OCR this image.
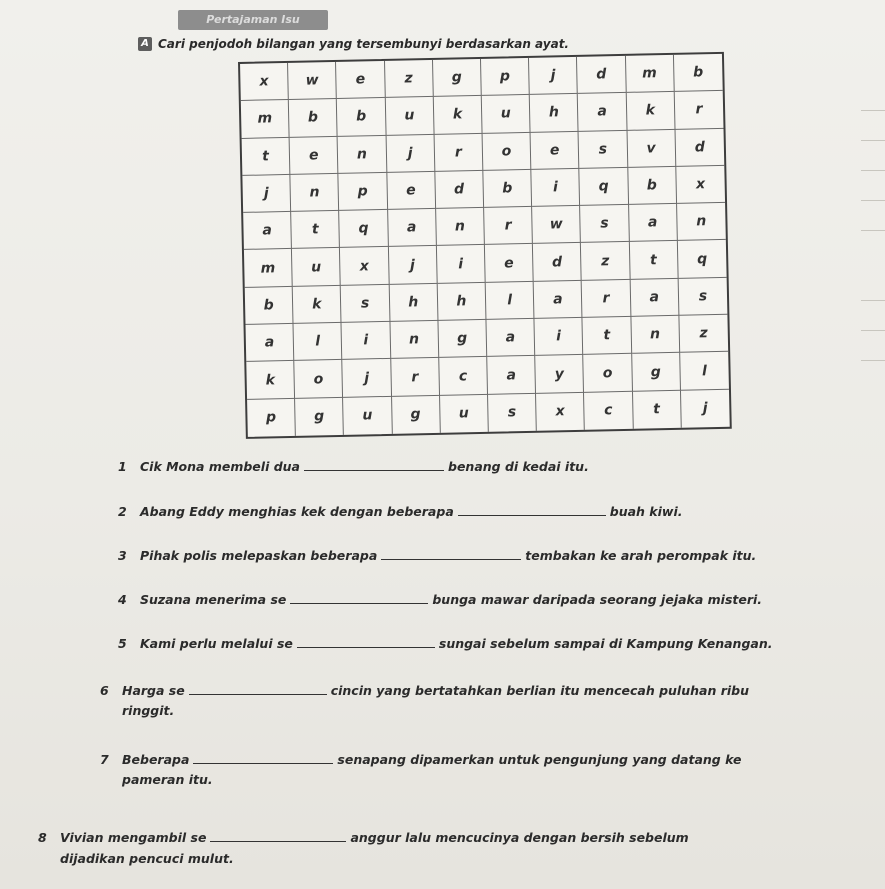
Pertajaman Isu
A Cari penjodoh bilangan yang tersembunyi berdasarkan ayat.
x	w	e	z	g	p	j	d	m	b
m	b	b	u	k	u	h	a	k	r
t	e	n	j	r	o	e	s	v	d
j	n	p	e	d	b	i	q	b	x
a	t	q	a	n	r	w	s	a	n
m	u	x	j	i	e	d	z	t	q
b	k	s	h	h	l	a	r	a	s
a	l	i	n	g	a	i	t	n	z
k	o	j	r	c	a	y	o	g	l
p	g	u	g	u	s	x	c	t	j
1 Cik Mona membeli dua	benang di kedai itu.
2 Abang Eddy menghias kek dengan beberapa	buah kiwi.
3 Pihak polis melepaskan beberapa	tembakan ke arah perompak itu.
4 Suzana menerima se	bunga mawar daripada seorang jejaka misteri.
5 Kami perlu melalui se	sungai sebelum sampai di Kampung Kenangan.
6 Harga se	cincin yang bertatahkan berlian itu mencecah puluhan ribu
ringgit.
7 Beberapa	senapang dipamerkan untuk pengunjung yang datang ke
pameran itu.
8 Vivian mengambil se	anggur lalu mencucinya dengan bersih sebelum
dijadikan pencuci mulut.
